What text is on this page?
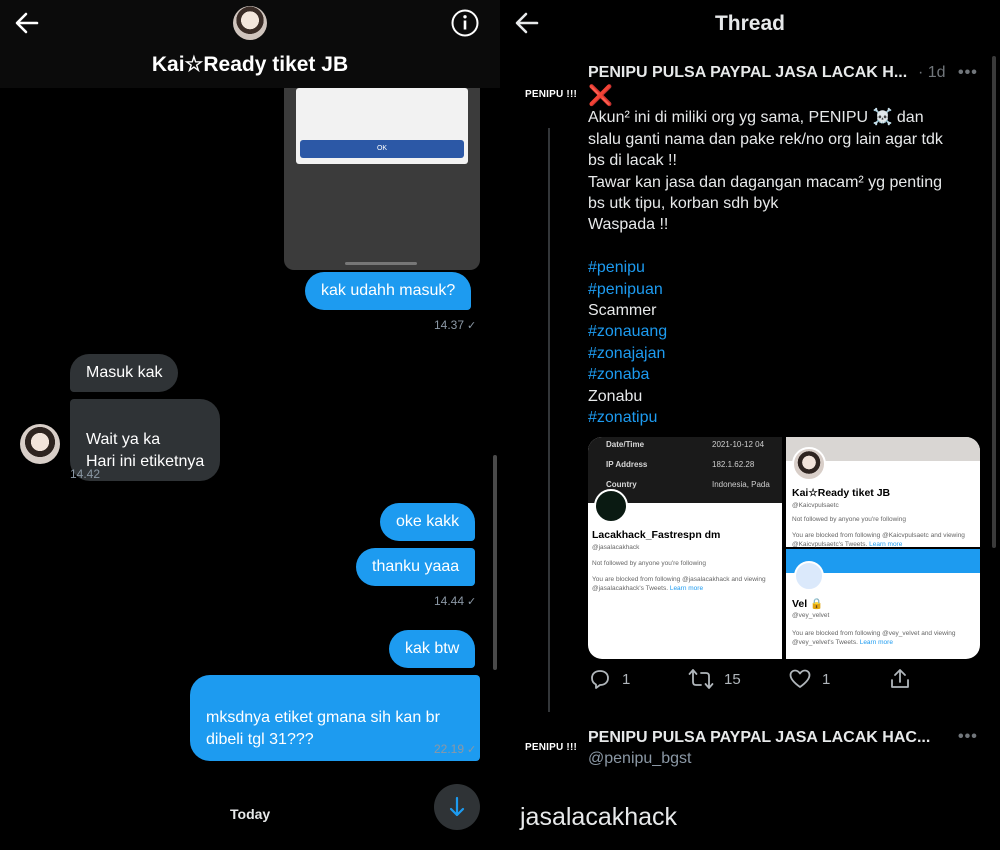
OK
Kai☆Ready tiket JB
kak udahh masuk?
14.37 ✓
Masuk kak

Wait ya ka
Hari ini etiketnya

14.42
oke kakk
thanku yaaa
14.44 ✓
kak btw

mksdnya etiket gmana sih kan br
dibeli tgl 31???

22.19 ✓
Today
Thread
PENIPU !!!
PENIPU PULSA PAYPAL JASA LACAK H... · 1d •••
❌
Akun² ini di miliki org yg sama, PENIPU ☠️ dan
slalu ganti nama dan pake rek/no org lain agar tdk
bs di lacak !!
Tawar kan jasa dan dagangan macam² yg penting
bs utk tipu, korban sdh byk
Waspada !!
#penipu
#penipuan
Scammer
#zonauang
#zonajajan
#zonaba
Zonabu
#zonatipu
Date/Time	2021-10-12 04
IP Address	182.1.62.28
Country	Indonesia, Pada
Lacakhack_Fastrespn dm
@jasalacakhack
Not followed by anyone you're following
You are blocked from following @jasalacakhack and viewing @jasalacakhack's Tweets. Learn more
Kai☆Ready tiket JB
@Kaicvpulsaetc
Not followed by anyone you're following
You are blocked from following @Kaicvpulsaetc and viewing @Kaicvpulsaetc's Tweets. Learn more
Vel 🔒
@vey_velvet
You are blocked from following @vey_velvet and viewing @vey_velvet's Tweets. Learn more
1	15	1
PENIPU !!!
PENIPU PULSA PAYPAL JASA LACAK HAC...
@penipu_bgst
•••
jasalacakhack
